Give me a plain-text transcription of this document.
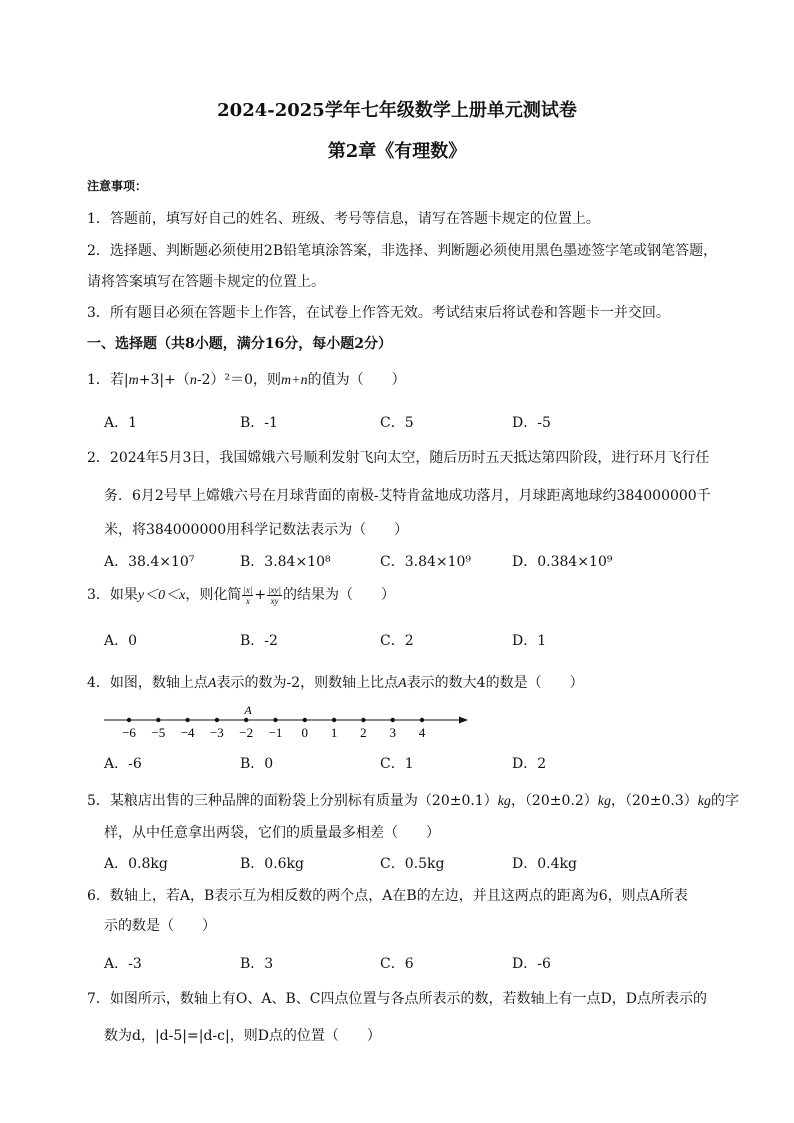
2024-2025学年七年级数学上册单元测试卷
第2章《有理数》
注意事项：
1．答题前，填写好自己的姓名、班级、考号等信息，请写在答题卡规定的位置上。
2．选择题、判断题必须使用2B铅笔填涂答案，非选择、判断题必须使用黑色墨迹签字笔或钢笔答题，
请将答案填写在答题卡规定的位置上。
3．所有题目必须在答题卡上作答，在试卷上作答无效。考试结束后将试卷和答题卡一并交回。
一、选择题（共8小题，满分16分，每小题2分）
1．若|m+3|+（n-2）²＝0，则m+n的值为（　　）
A．1	B．-1	C．5	D．-5
2．2024年5月3日，我国嫦娥六号顺利发射飞向太空，随后历时五天抵达第四阶段，进行环月飞行任
务．6月2号早上嫦娥六号在月球背面的南极-艾特肯盆地成功落月，月球距离地球约384000000千
米，将384000000用科学记数法表示为（　　）
A．38.4×10⁷	B．3.84×10⁸	C．3.84×10⁹	D．0.384×10⁹
3．如果y＜0＜x，则化简 $\frac{|x|}{x} + \frac{|xy|}{xy}$ 的结果为（　　）
A．0	B．-2	C．2	D．1
4．如图，数轴上点A表示的数为-2，则数轴上比点A表示的数大4的数是（　　）
−6 −5 −4 −3 −2 −1 0 1 2 3 4
A
A．-6	B．0	C．1	D．2
5．某粮店出售的三种品牌的面粉袋上分别标有质量为（20±0.1）kg，（20±0.2）kg，（20±0.3）kg的字
样，从中任意拿出两袋，它们的质量最多相差（　　）
A．0.8kg	B．0.6kg	C．0.5kg	D．0.4kg
6．数轴上，若A，B表示互为相反数的两个点，A在B的左边，并且这两点的距离为6，则点A所表
示的数是（　　）
A．-3	B．3	C．6	D．-6
7．如图所示，数轴上有O、A、B、C四点位置与各点所表示的数，若数轴上有一点D，D点所表示的
数为d，|d-5|=|d-c|，则D点的位置（　　）
